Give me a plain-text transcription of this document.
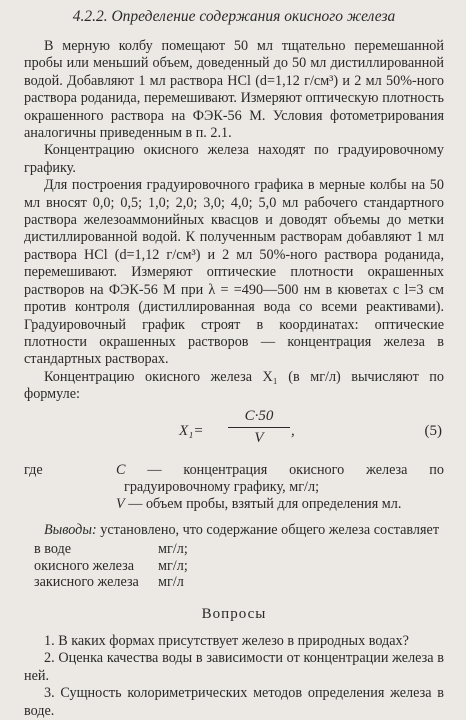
4.2.2. Определение содержания окисного железа

В мерную колбу помещают 50 мл тщательно перемешанной пробы или меньший объем, доведенный до 50 мл дистиллированной водой. Добавляют 1 мл раствора HCl (d=1,12 г/см³) и 2 мл 50%-ного раствора роданида, перемешивают. Измеряют оптическую плотность окрашенного раствора на ФЭК-56 М. Условия фотометрирования аналогичны приведенным в п. 2.1.

Концентрацию окисного железа находят по градуировочному графику.

Для построения градуировочного графика в мерные колбы на 50 мл вносят 0,0; 0,5; 1,0; 2,0; 3,0; 4,0; 5,0 мл рабочего стандартного раствора железоаммонийных квасцов и доводят объемы до метки дистиллированной водой. К полученным растворам добавляют 1 мл раствора HCl (d=1,12 г/см³) и 2 мл 50%-ного раствора роданида, перемешивают. Измеряют оптические плотности окрашенных растворов на ФЭК-56 М при λ = =490—500 нм в кюветах с l=3 см против контроля (дистиллированная вода со всеми реактивами). Градуировочный график строят в координатах: оптические плотности окрашенных растворов — концентрация железа в стандартных растворах.

Концентрацию окисного железа X₁ (в мг/л) вычисляют по формуле:

$X_1= \frac{C\cdot 50}{V}$ ,	(5)
где	C — концентрация окисного железа по градуировочному графику, мг/л;
V — объем пробы, взятый для определения мл.

Выводы: установлено, что содержание общего железа составляет

в воде	мг/л;
окисного железа	мг/л;
закисного железа	мг/л
Вопросы

1. В каких формах присутствует железо в природных водах?

2. Оценка качества воды в зависимости от концентрации железа в ней.

3. Сущность колориметрических методов определения железа в воде.
